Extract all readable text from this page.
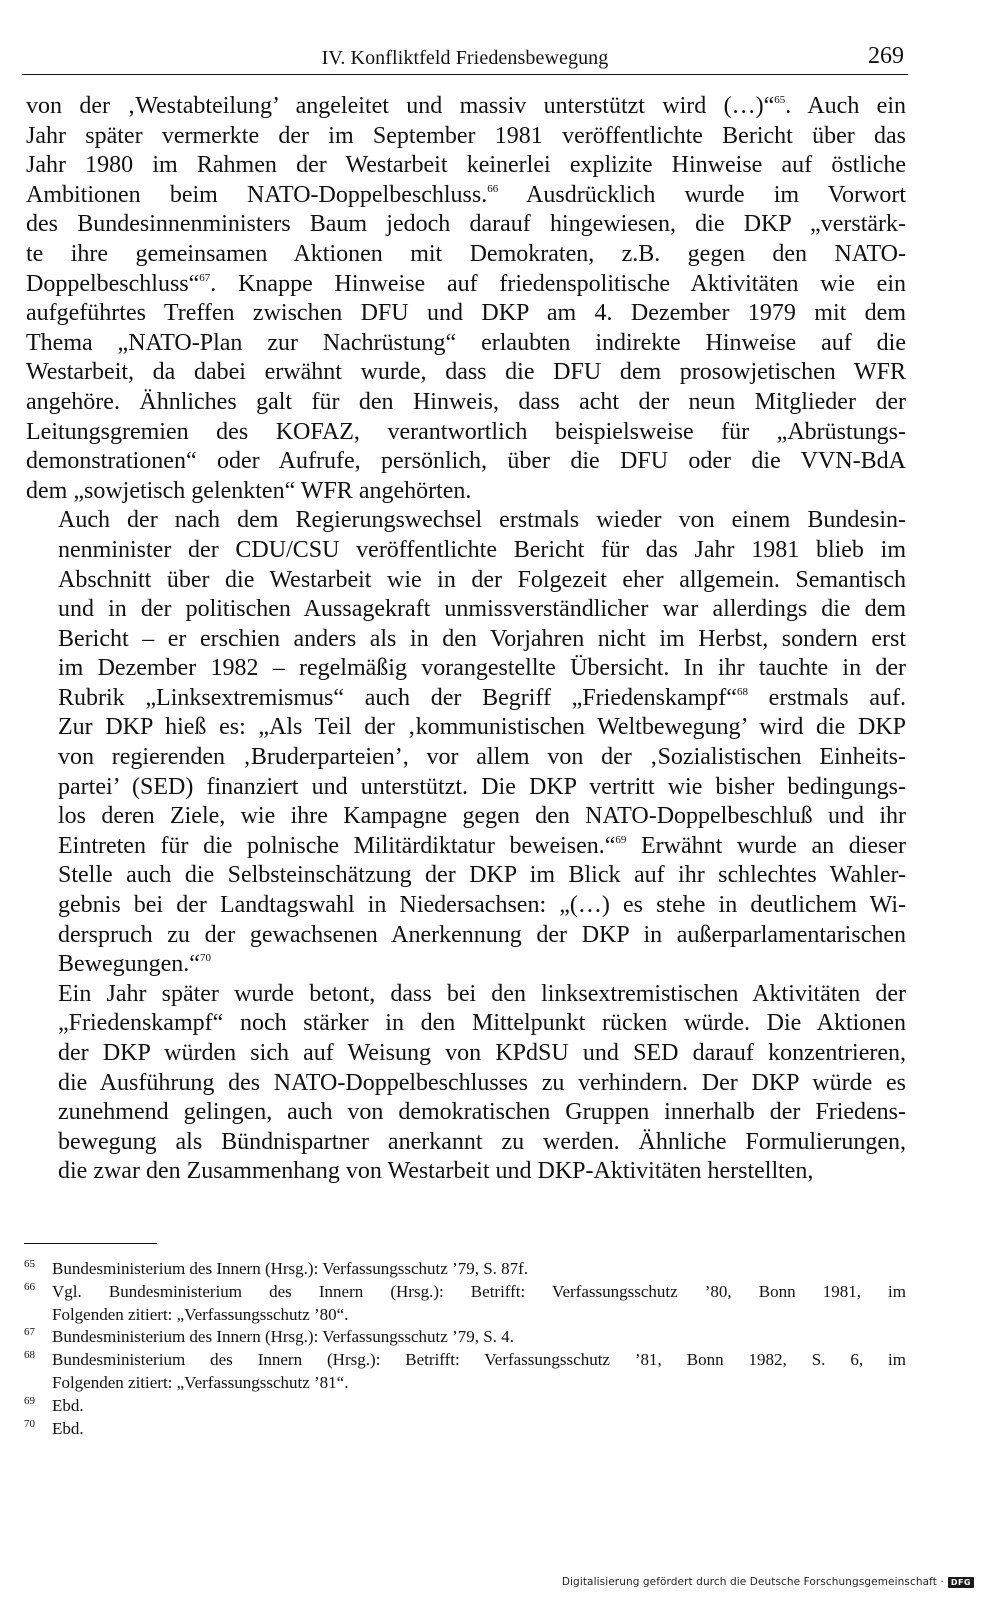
IV. Konfliktfeld Friedensbewegung	269

von der ‚Westabteilung’ angeleitet und massiv unterstützt wird (…)“$^{65}$. Auch ein
Jahr später vermerkte der im September 1981 veröffentlichte Bericht über das
Jahr 1980 im Rahmen der Westarbeit keinerlei explizite Hinweise auf östliche
Ambitionen beim NATO-Doppelbeschluss.$^{66}$ Ausdrücklich wurde im Vorwort
des Bundesinnenministers Baum jedoch darauf hingewiesen, die DKP „verstärk-
te ihre gemeinsamen Aktionen mit Demokraten, z.B. gegen den NATO-
Doppelbeschluss“$^{67}$. Knappe Hinweise auf friedenspolitische Aktivitäten wie ein
aufgeführtes Treffen zwischen DFU und DKP am 4. Dezember 1979 mit dem
Thema „NATO-Plan zur Nachrüstung“ erlaubten indirekte Hinweise auf die
Westarbeit, da dabei erwähnt wurde, dass die DFU dem prosowjetischen WFR
angehöre. Ähnliches galt für den Hinweis, dass acht der neun Mitglieder der
Leitungsgremien des KOFAZ, verantwortlich beispielsweise für „Abrüstungs-
demonstrationen“ oder Aufrufe, persönlich, über die DFU oder die VVN-BdA
dem „sowjetisch gelenkten“ WFR angehörten.

Auch der nach dem Regierungswechsel erstmals wieder von einem Bundesin-
nenminister der CDU/CSU veröffentlichte Bericht für das Jahr 1981 blieb im
Abschnitt über die Westarbeit wie in der Folgezeit eher allgemein. Semantisch
und in der politischen Aussagekraft unmissverständlicher war allerdings die dem
Bericht – er erschien anders als in den Vorjahren nicht im Herbst, sondern erst
im Dezember 1982 – regelmäßig vorangestellte Übersicht. In ihr tauchte in der
Rubrik „Linksextremismus“ auch der Begriff „Friedenskampf“$^{68}$ erstmals auf.
Zur DKP hieß es: „Als Teil der ‚kommunistischen Weltbewegung’ wird die DKP
von regierenden ‚Bruderparteien’, vor allem von der ‚Sozialistischen Einheits-
partei’ (SED) finanziert und unterstützt. Die DKP vertritt wie bisher bedingungs-
los deren Ziele, wie ihre Kampagne gegen den NATO-Doppelbeschluß und ihr
Eintreten für die polnische Militärdiktatur beweisen.“$^{69}$ Erwähnt wurde an dieser
Stelle auch die Selbsteinschätzung der DKP im Blick auf ihr schlechtes Wahler-
gebnis bei der Landtagswahl in Niedersachsen: „(…) es stehe in deutlichem Wi-
derspruch zu der gewachsenen Anerkennung der DKP in außerparlamentarischen
Bewegungen.“$^{70}$

Ein Jahr später wurde betont, dass bei den linksextremistischen Aktivitäten der
„Friedenskampf“ noch stärker in den Mittelpunkt rücken würde. Die Aktionen
der DKP würden sich auf Weisung von KPdSU und SED darauf konzentrieren,
die Ausführung des NATO-Doppelbeschlusses zu verhindern. Der DKP würde es
zunehmend gelingen, auch von demokratischen Gruppen innerhalb der Friedens-
bewegung als Bündnispartner anerkannt zu werden. Ähnliche Formulierungen,
die zwar den Zusammenhang von Westarbeit und DKP-Aktivitäten herstellten,

65 Bundesministerium des Innern (Hrsg.): Verfassungsschutz ’79, S. 87f.
66 Vgl. Bundesministerium des Innern (Hrsg.): Betrifft: Verfassungsschutz ’80, Bonn 1981, im
Folgenden zitiert: „Verfassungsschutz ’80“.
67 Bundesministerium des Innern (Hrsg.): Verfassungsschutz ’79, S. 4.
68 Bundesministerium des Innern (Hrsg.): Betrifft: Verfassungsschutz ’81, Bonn 1982, S. 6, im
Folgenden zitiert: „Verfassungsschutz ’81“.
69 Ebd.
70 Ebd.
Digitalisierung gefördert durch die Deutsche Forschungsgemeinschaft · DFG
